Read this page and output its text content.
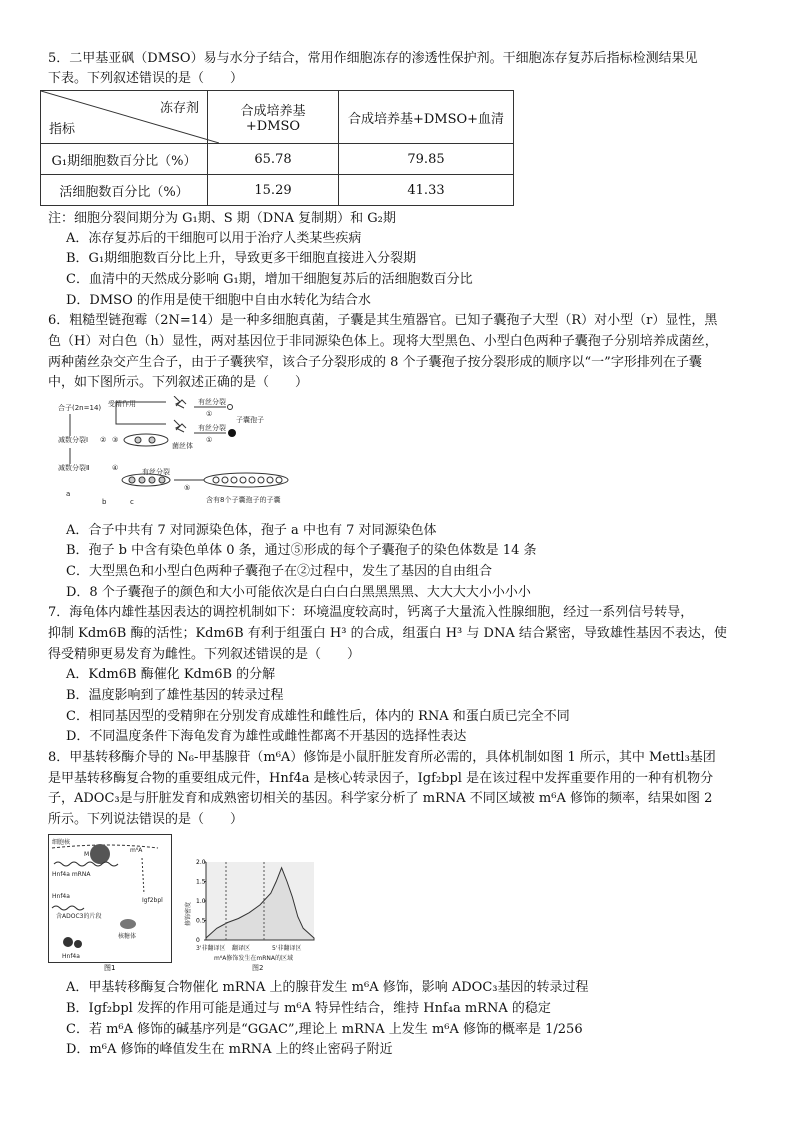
5．二甲基亚砜（DMSO）易与水分子结合，常用作细胞冻存的渗透性保护剂。干细胞冻存复苏后指标检测结果见
下表。下列叙述错误的是（　　）
冻存剂
指标	合成培养基+DMSO	合成培养基+DMSO+血清
G₁期细胞数百分比（%）	65.78	79.85
活细胞数百分比（%）	15.29	41.33
注：细胞分裂间期分为 G₁期、S 期（DNA 复制期）和 G₂期
A．冻存复苏后的干细胞可以用于治疗人类某些疾病
B．G₁期细胞数百分比上升，导致更多干细胞直接进入分裂期
C．血清中的天然成分影响 G₁期，增加干细胞复苏后的活细胞数百分比
D．DMSO 的作用是使干细胞中自由水转化为结合水
6．粗糙型链孢霉（2N=14）是一种多细胞真菌，子囊是其生殖器官。已知子囊孢子大型（R）对小型（r）显性，黑
色（H）对白色（h）显性，两对基因位于非同源染色体上。现将大型黑色、小型白色两种子囊孢子分别培养成菌丝，
两种菌丝杂交产生合子，由于子囊狭窄，该合子分裂形成的 8 个子囊孢子按分裂形成的顺序以“一”字形排列在子囊
中，如下图所示。下列叙述正确的是（　　）
合子(2n=14) 受精作用	有丝分裂
①
子囊孢子
有丝分裂
①
菌丝体
减数分裂Ⅰ ② ③
减数分裂Ⅱ	④
a
b	c
有丝分裂
⑤
含有8个子囊孢子的子囊
A．合子中共有 7 对同源染色体，孢子 a 中也有 7 对同源染色体
B．孢子 b 中含有染色单体 0 条，通过⑤形成的每个子囊孢子的染色体数是 14 条
C．大型黑色和小型白色两种子囊孢子在②过程中，发生了基因的自由组合
D．8 个子囊孢子的颜色和大小可能依次是白白白白黑黑黑黑、大大大大小小小小
7．海龟体内雄性基因表达的调控机制如下：环境温度较高时，钙离子大量流入性腺细胞，经过一系列信号转导，
抑制 Kdm6B 酶的活性；Kdm6B 有利于组蛋白 H³ 的合成，组蛋白 H³ 与 DNA 结合紧密，导致雄性基因不表达，使
得受精卵更易发育为雌性。下列叙述错误的是（　　）
A．Kdm6B 酶催化 Kdm6B 的分解
B．温度影响到了雄性基因的转录过程
C．相同基因型的受精卵在分别发育成雄性和雌性后，体内的 RNA 和蛋白质已完全不同
D．不同温度条件下海龟发育为雄性或雌性都离不开基因的选择性表达
8．甲基转移酶介导的 N₆-甲基腺苷（m⁶A）修饰是小鼠肝脏发育所必需的，具体机制如图 1 所示，其中 Mettl₃基团
是甲基转移酶复合物的重要组成元件，Hnf4a 是核心转录因子，Igf₂bpl 是在该过程中发挥重要作用的一种有机物分
子，ADOC₃是与肝脏发育和成熟密切相关的基因。科学家分析了 mRNA 不同区域被 m⁶A 修饰的频率，结果如图 2
所示。下列说法错误的是（　　）
细胞核
M
m⁶A
Hnf4a mRNA
Igf2bpl
Hnf4a
含ADOC3的片段
核糖体
Hnf4a
图1
0
0.5
1.0
1.5
2.0
修饰密度
3'非翻译区 翻译区	5'非翻译区
m⁶A修饰发生在mRNA的区域
图2
A．甲基转移酶复合物催化 mRNA 上的腺苷发生 m⁶A 修饰，影响 ADOC₃基因的转录过程
B．Igf₂bpl 发挥的作用可能是通过与 m⁶A 特异性结合，维持 Hnf₄a mRNA 的稳定
C．若 m⁶A 修饰的碱基序列是“GGAC”,理论上 mRNA 上发生 m⁶A 修饰的概率是 1/256
D．m⁶A 修饰的峰值发生在 mRNA 上的终止密码子附近
